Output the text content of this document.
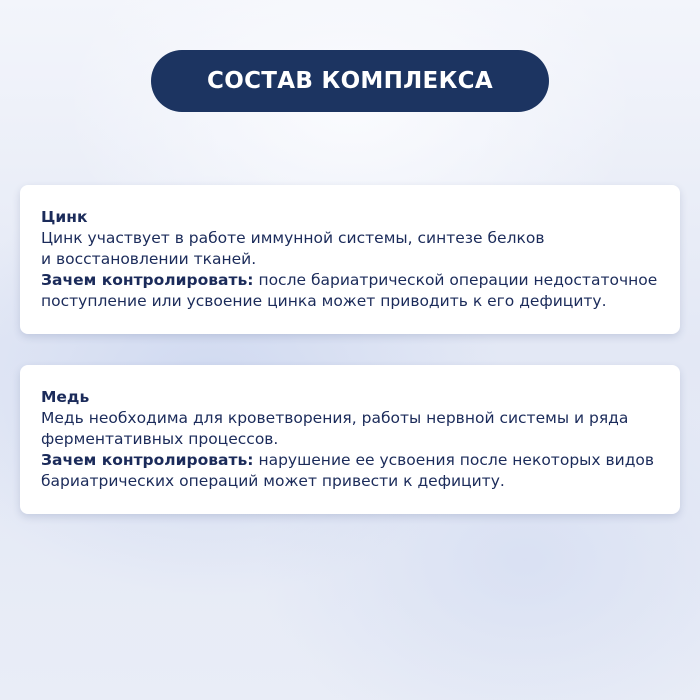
СОСТАВ КОМПЛЕКСА
Цинк
Цинк участвует в работе иммунной системы, синтезе белков
и восстановлении тканей.
Зачем контролировать: после бариатрической операции недостаточное
поступление или усвоение цинка может приводить к его дефициту.
Медь
Медь необходима для кроветворения, работы нервной системы и ряда
ферментативных процессов.
Зачем контролировать: нарушение ее усвоения после некоторых видов
бариатрических операций может привести к дефициту.
